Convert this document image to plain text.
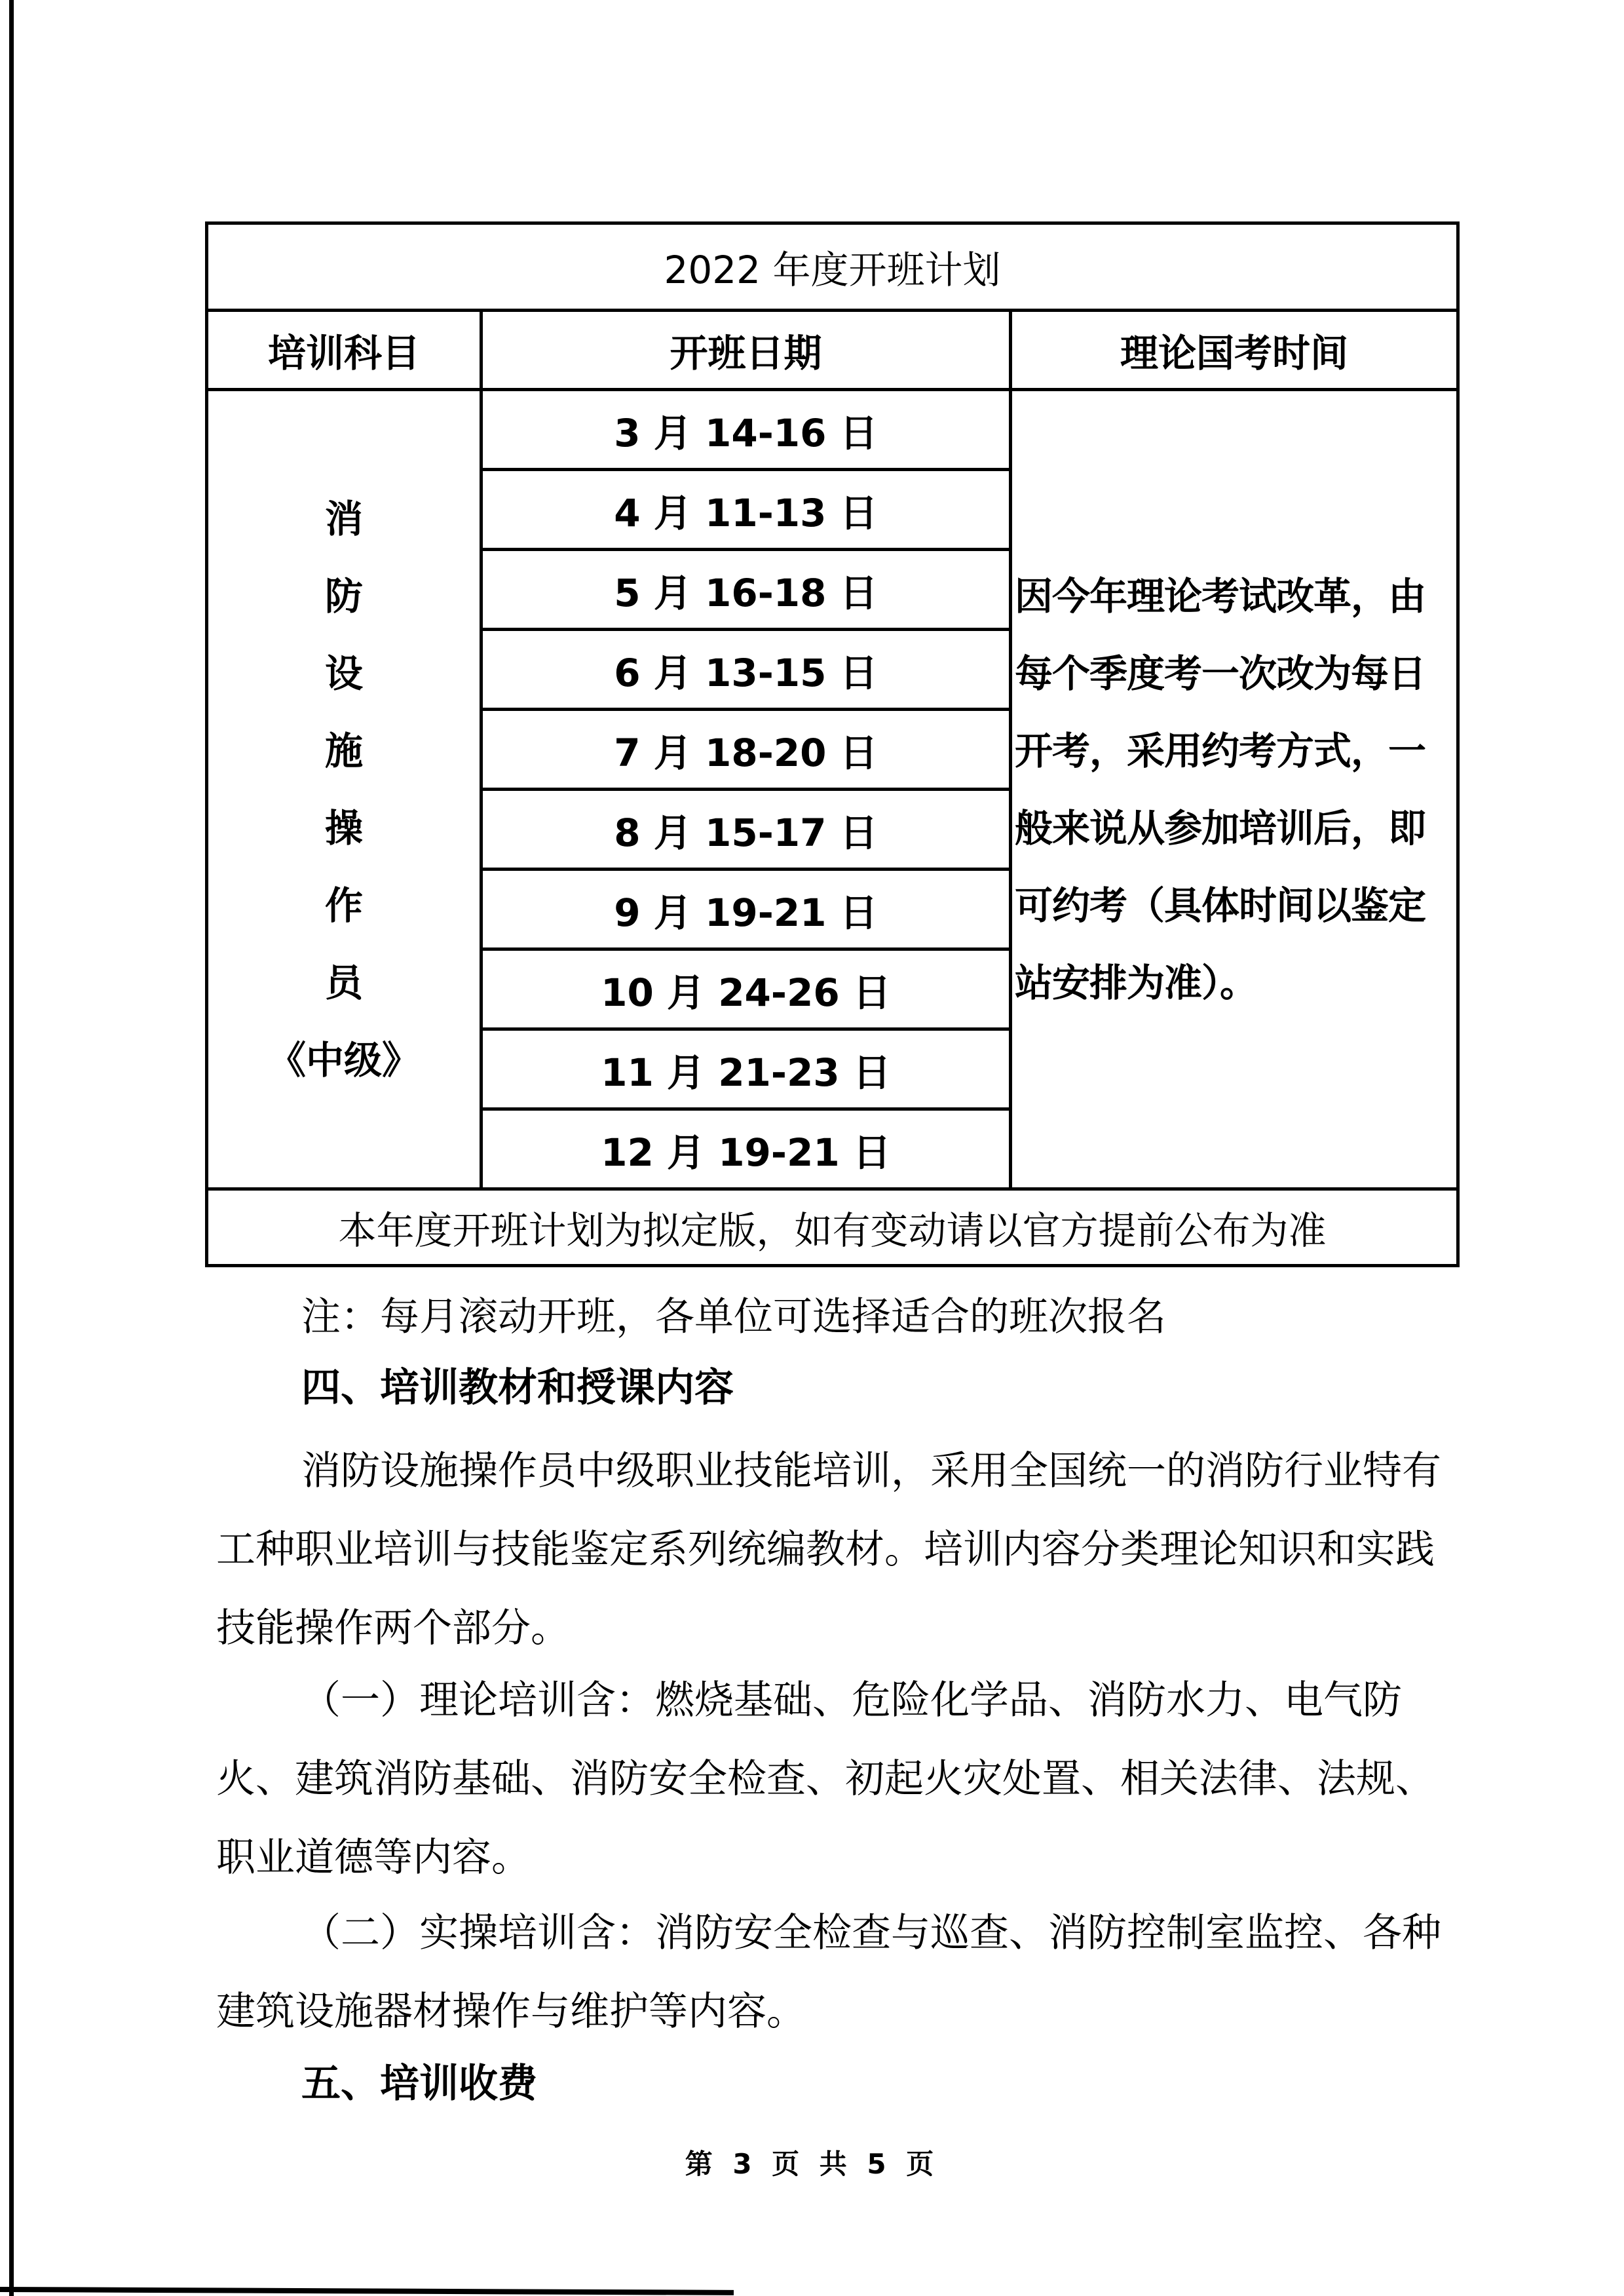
2022 年度开班计划		
培训科目	开班日期	理论国考时间

消
防
设
施
操
作
员
《中级》
	3 月 14-16 日	因今年理论考试改革，由每个季度考一次改为每日开考，采用约考方式，一般来说从参加培训后，即可约考（具体时间以鉴定站安排为准）。
	4 月 11-13 日	
	5 月 16-18 日	
	6 月 13-15 日	
	7 月 18-20 日	
	8 月 15-17 日	
	9 月 19-21 日	
	10 月 24-26 日	
	11 月 21-23 日	
	12 月 19-21 日	
本年度开班计划为拟定版，如有变动请以官方提前公布为准		

注：每月滚动开班，各单位可选择适合的班次报名

四、培训教材和授课内容

消防设施操作员中级职业技能培训，采用全国统一的消防行业特有工种职业培训与技能鉴定系列统编教材。培训内容分类理论知识和实践技能操作两个部分。

（一）理论培训含：燃烧基础、危险化学品、消防水力、电气防火、建筑消防基础、消防安全检查、初起火灾处置、相关法律、法规、职业道德等内容。

（二）实操培训含：消防安全检查与巡查、消防控制室监控、各种建筑设施器材操作与维护等内容。

五、培训收费

第 3 页 共 5 页
